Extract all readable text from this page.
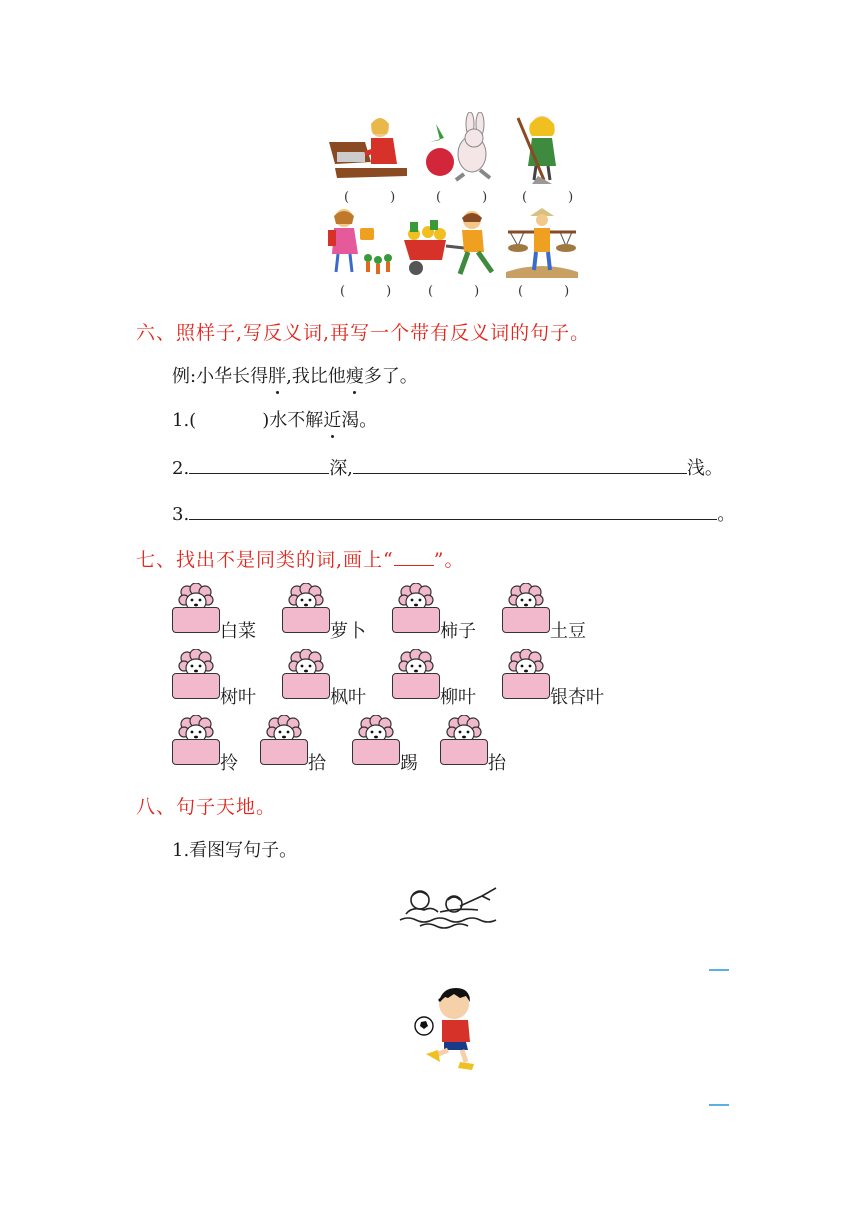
(　) (　) (　)
(　) (　) (　)
六、照样子,写反义词,再写一个带有反义词的句子。
例:小华长得胖,我比他瘦多了。
1.(	)水不解近渴。
2.	深,	浅。
3.	。
七、找出不是同类的词,画上“ ”。
白菜	萝卜	柿子	土豆
树叶	枫叶	柳叶	银杏叶
拎	拾	踢	抬
八、句子天地。
1.看图写句子。
